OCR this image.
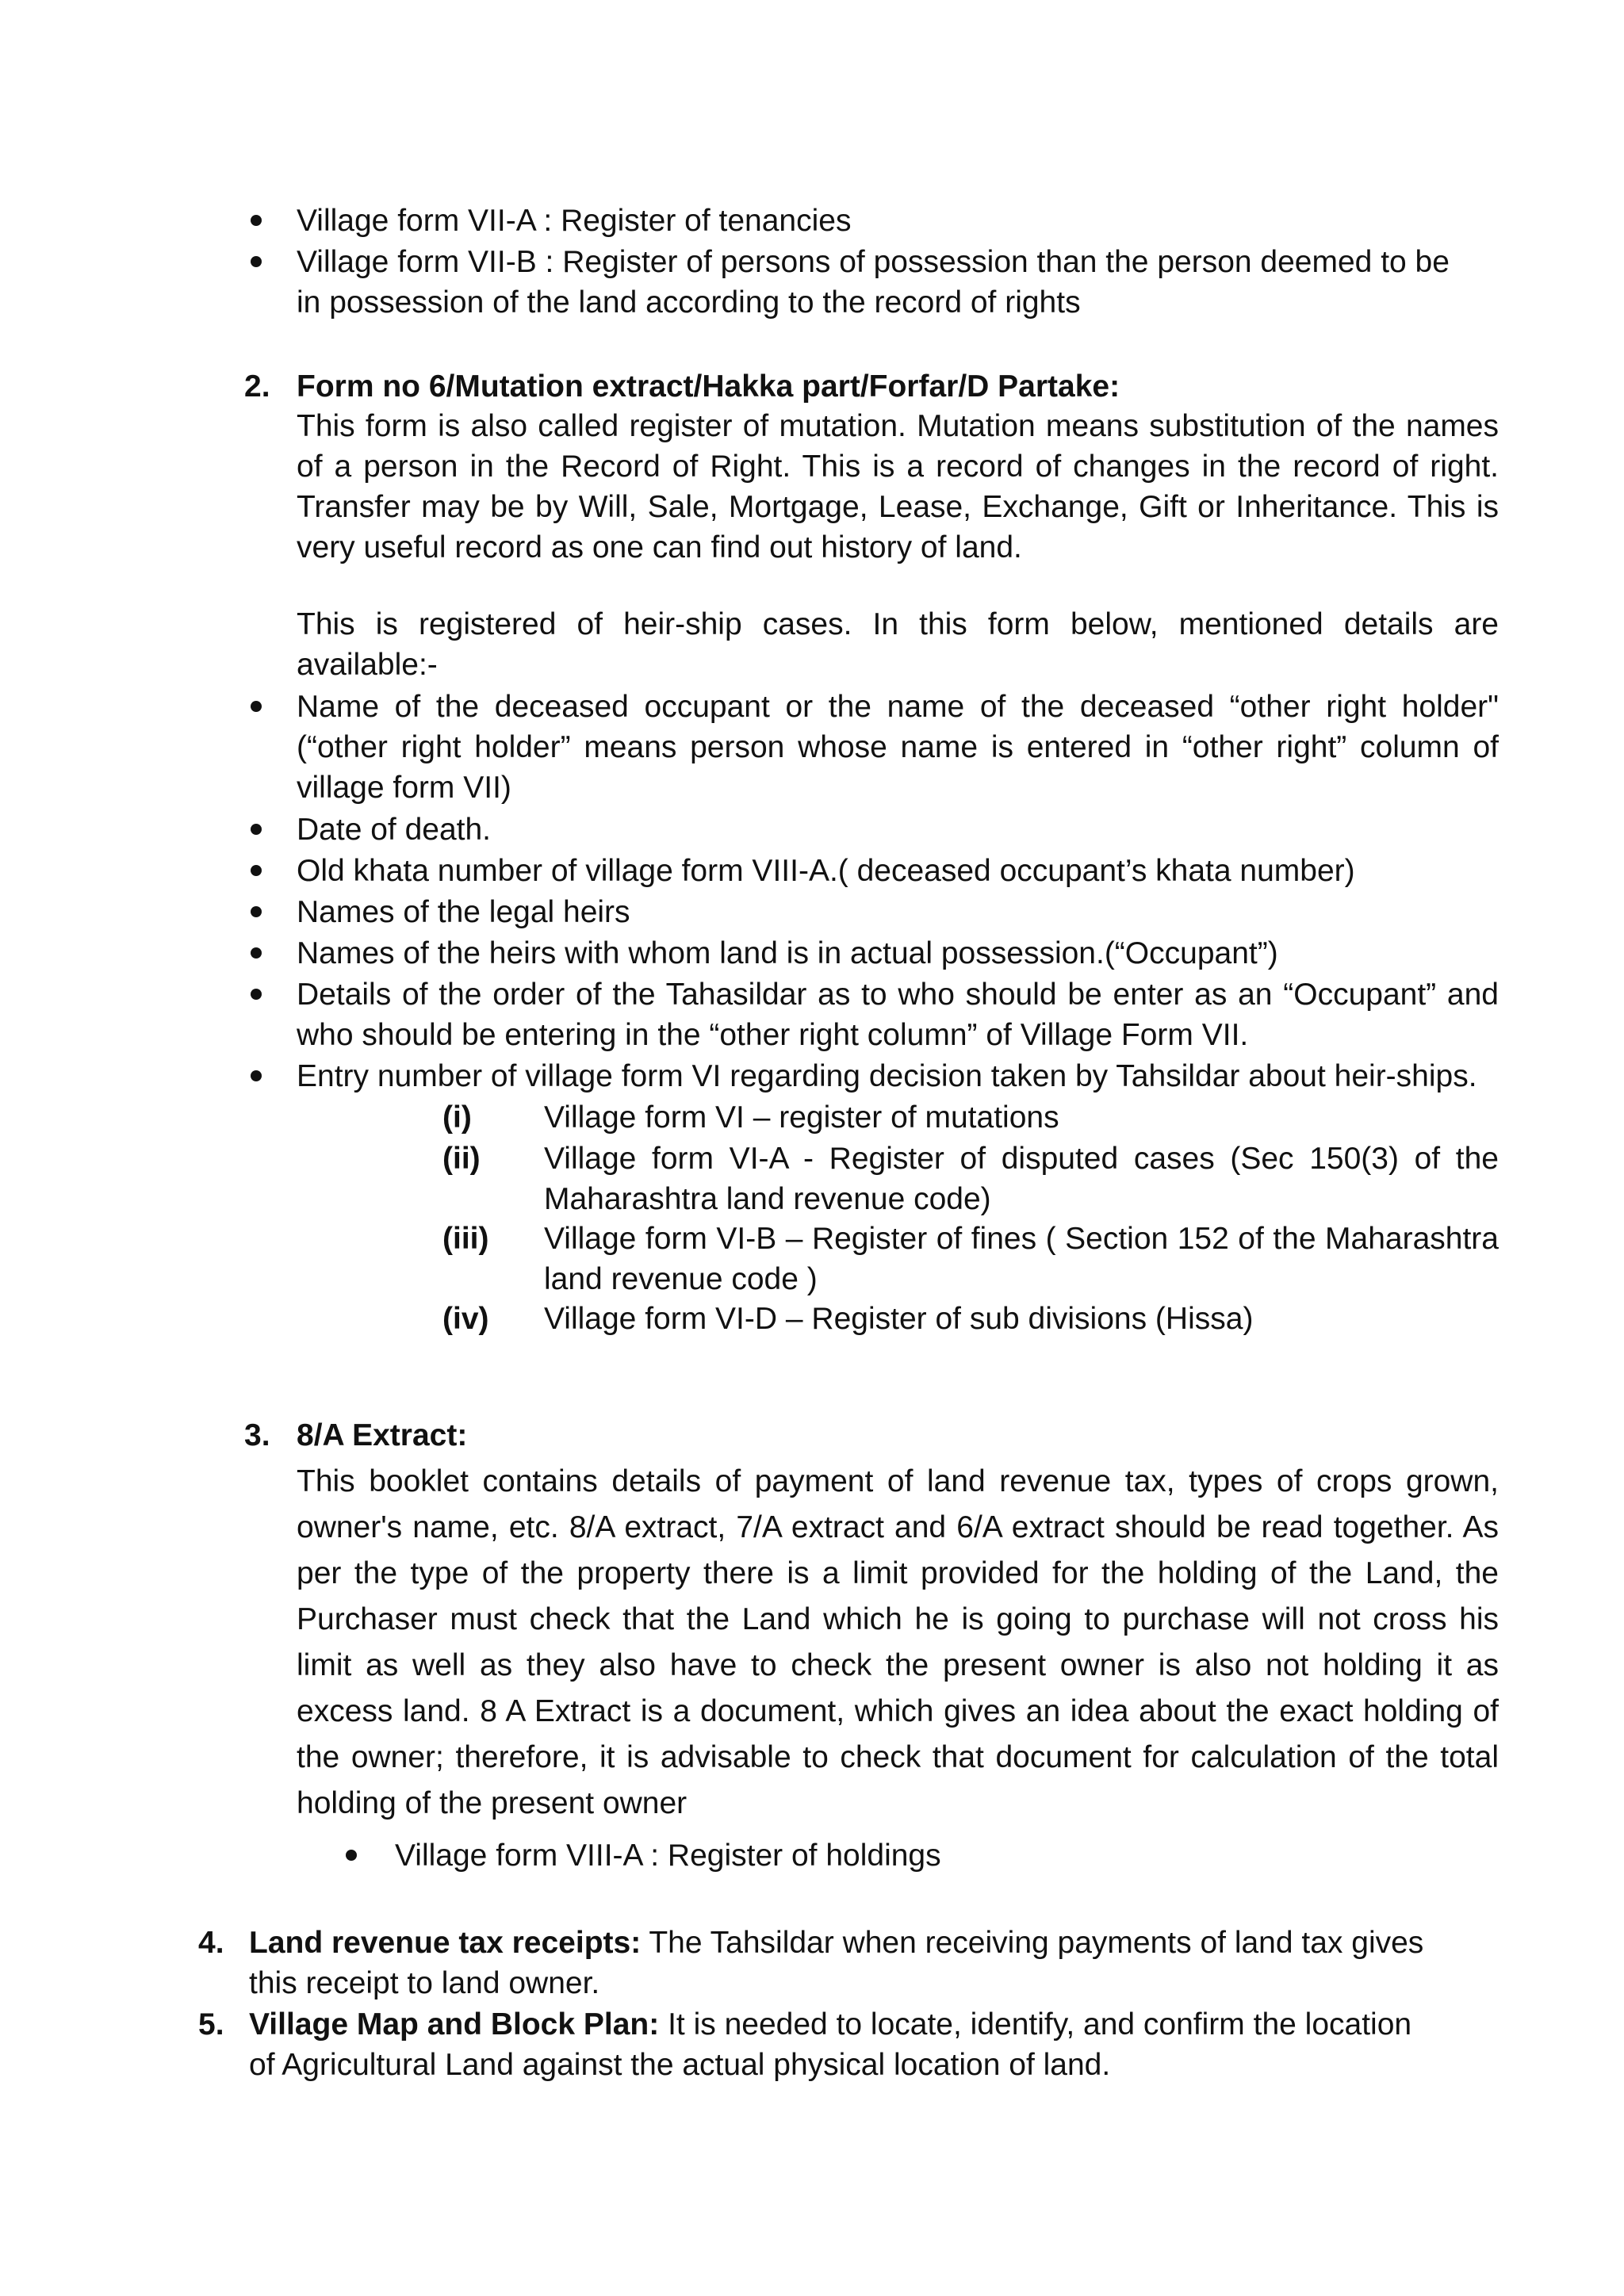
Village form VII-A : Register of tenancies
Village form VII-B : Register of persons of possession than the person deemed to be in possession of the land according to the record of rights
2. Form no 6/Mutation extract/Hakka part/Forfar/D Partake:
This form is also called register of mutation. Mutation means substitution of the names of a person in the Record of Right. This is a record of changes in the record of right. Transfer may be by Will, Sale, Mortgage, Lease, Exchange, Gift or Inheritance. This is very useful record as one can find out history of land.
This is registered of heir-ship cases. In this form below, mentioned details are available:-
Name of the deceased occupant or the name of the deceased “other right holder"(“other right holder” means person whose name is entered in “other right” column of village form VII)
Date of death.
Old khata number of village form VIII-A.( deceased occupant’s khata number)
Names of the legal heirs
Names of the heirs with whom land is in actual possession.(“Occupant”)
Details of the order of the Tahasildar as to who should be enter as an “Occupant” and who should be entering in the “other right column” of Village Form VII.
Entry number of village form VI regarding decision taken by Tahsildar about heir-ships.
(i) Village form VI – register of mutations
(ii) Village form VI-A - Register of disputed cases (Sec 150(3) of the Maharashtra land revenue code)
(iii) Village form VI-B – Register of fines ( Section 152 of the Maharashtra land revenue code )
(iv) Village form VI-D – Register of sub divisions (Hissa)
3. 8/A Extract:
This booklet contains details of payment of land revenue tax, types of crops grown, owner's name, etc. 8/A extract, 7/A extract and 6/A extract should be read together. As per the type of the property there is a limit provided for the holding of the Land, the Purchaser must check that the Land which he is going to purchase will not cross his limit as well as they also have to check the present owner is also not holding it as excess land. 8 A Extract is a document, which gives an idea about the exact holding of the owner; therefore, it is advisable to check that document for calculation of the total holding of the present owner
Village form VIII-A : Register of holdings
4. Land revenue tax receipts: The Tahsildar when receiving payments of land tax gives this receipt to land owner.
5. Village Map and Block Plan: It is needed to locate, identify, and confirm the location of Agricultural Land against the actual physical location of land.
